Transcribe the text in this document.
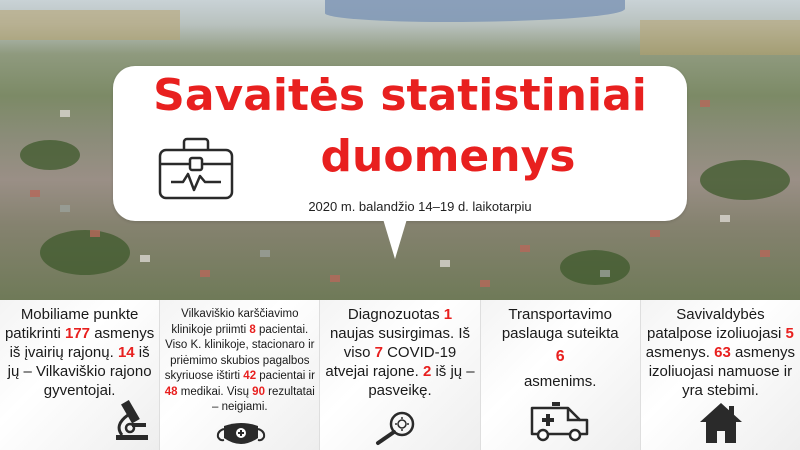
Savaitės statistiniai
duomenys
2020 m. balandžio 14–19 d. laikotarpiu
Mobiliame punkte patikrinti 177 asmenys iš įvairių rajonų. 14 iš jų – Vilkaviškio rajono gyventojai.
Vilkaviškio karščiavimo klinikoje priimti 8 pacientai. Viso K. klinikoje, stacionaro ir priėmimo skubios pagalbos skyriuose ištirti 42 pacientai ir 48 medikai. Visų 90 rezultatai – neigiami.
Diagnozuotas 1 naujas susirgimas. Iš viso 7 COVID-19 atvejai rajone. 2 iš jų – pasveikę.
Transportavimo paslauga suteikta
6
asmenims.
Savivaldybės patalpose izoliuojasi 5 asmenys. 63 asmenys izoliuojasi namuose ir yra stebimi.
